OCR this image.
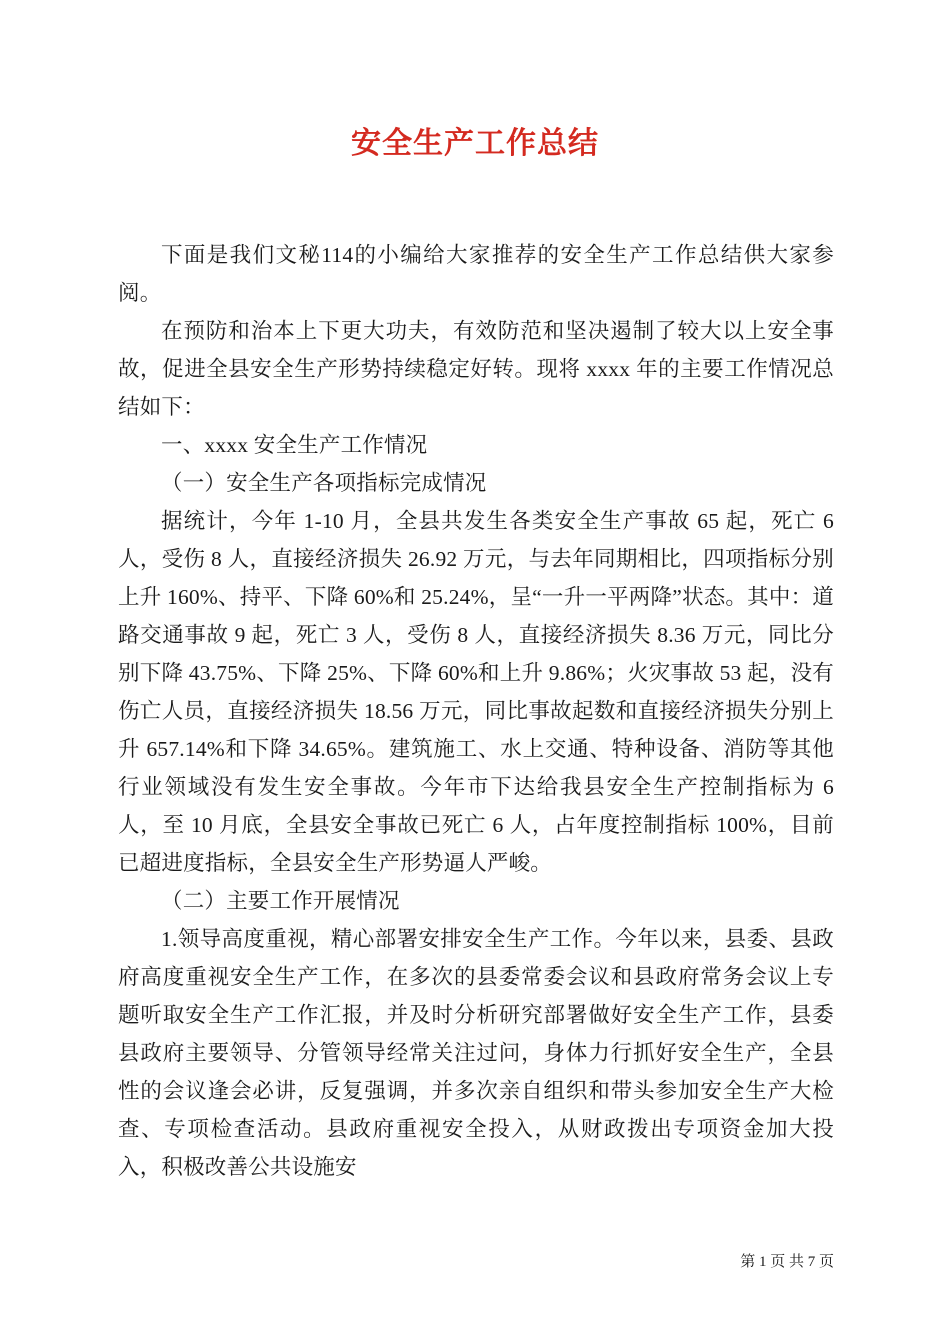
安全生产工作总结

下面是我们文秘114的小编给大家推荐的安全生产工作总结供大家参阅。

在预防和治本上下更大功夫，有效防范和坚决遏制了较大以上安全事故，促进全县安全生产形势持续稳定好转。现将 xxxx 年的主要工作情况总结如下：

一、xxxx 安全生产工作情况

（一）安全生产各项指标完成情况

据统计，今年 1-10 月，全县共发生各类安全生产事故 65 起，死亡 6 人，受伤 8 人，直接经济损失 26.92 万元，与去年同期相比，四项指标分别上升 160%、持平、下降 60%和 25.24%，呈“一升一平两降”状态。其中：道路交通事故 9 起，死亡 3 人，受伤 8 人，直接经济损失 8.36 万元，同比分别下降 43.75%、下降 25%、下降 60%和上升 9.86%；火灾事故 53 起，没有伤亡人员，直接经济损失 18.56 万元，同比事故起数和直接经济损失分别上升 657.14%和下降 34.65%。建筑施工、水上交通、特种设备、消防等其他行业领域没有发生安全事故。今年市下达给我县安全生产控制指标为 6 人，至 10 月底，全县安全事故已死亡 6 人，占年度控制指标 100%，目前已超进度指标，全县安全生产形势逼人严峻。

（二）主要工作开展情况

1.领导高度重视，精心部署安排安全生产工作。今年以来，县委、县政府高度重视安全生产工作，在多次的县委常委会议和县政府常务会议上专题听取安全生产工作汇报，并及时分析研究部署做好安全生产工作，县委县政府主要领导、分管领导经常关注过问，身体力行抓好安全生产，全县性的会议逢会必讲，反复强调，并多次亲自组织和带头参加安全生产大检查、专项检查活动。县政府重视安全投入，从财政拨出专项资金加大投入，积极改善公共设施安

第 1 页 共 7 页
